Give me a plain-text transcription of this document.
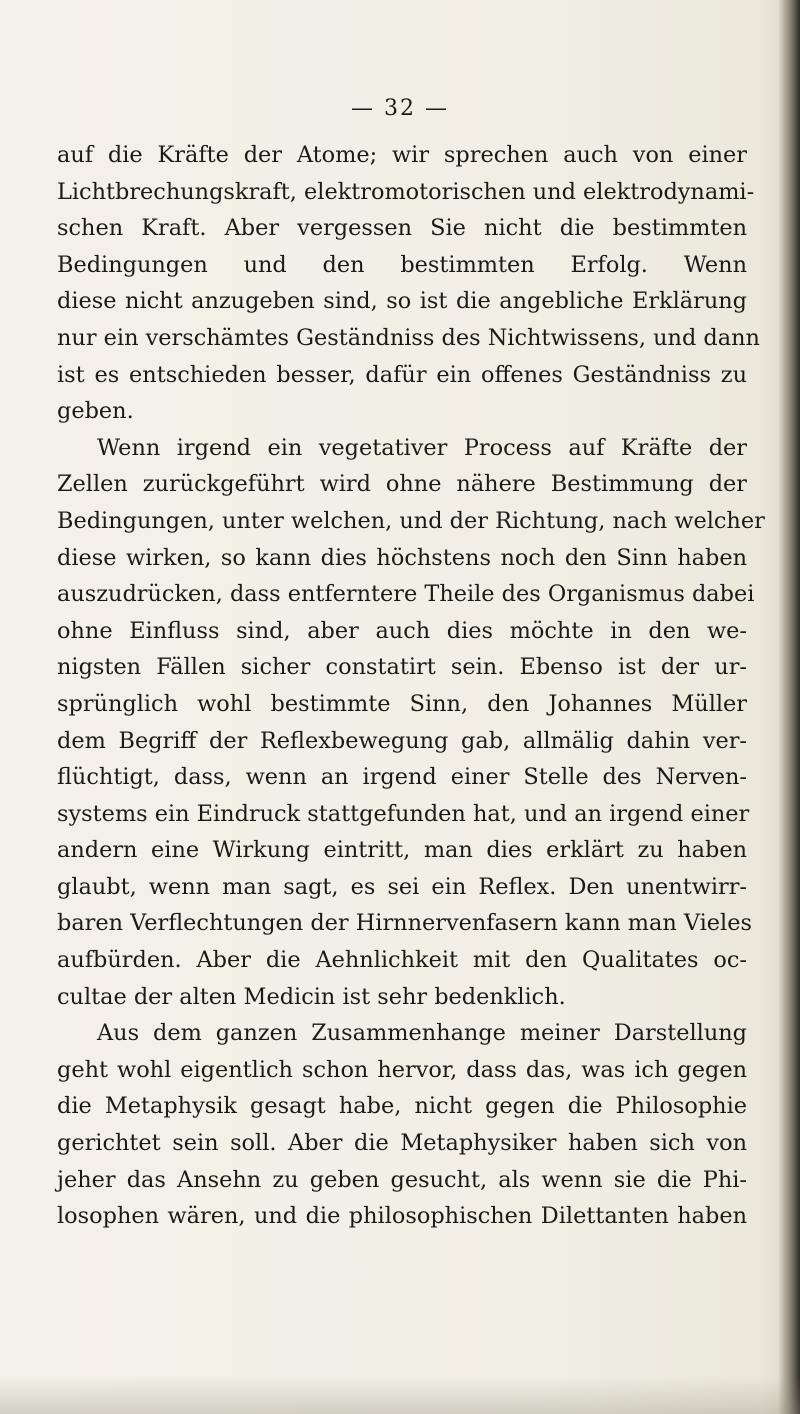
— 32 —
auf die Kräfte der Atome; wir sprechen auch von einer
Lichtbrechungskraft, elektromotorischen und elektrodynami-
schen Kraft. Aber vergessen Sie nicht die bestimmten
Bedingungen und den bestimmten Erfolg. Wenn
diese nicht anzugeben sind, so ist die angebliche Erklärung
nur ein verschämtes Geständniss des Nichtwissens, und dann
ist es entschieden besser, dafür ein offenes Geständniss zu
geben.
Wenn irgend ein vegetativer Process auf Kräfte der
Zellen zurückgeführt wird ohne nähere Bestimmung der
Bedingungen, unter welchen, und der Richtung, nach welcher
diese wirken, so kann dies höchstens noch den Sinn haben
auszudrücken, dass entferntere Theile des Organismus dabei
ohne Einfluss sind, aber auch dies möchte in den we-
nigsten Fällen sicher constatirt sein. Ebenso ist der ur-
sprünglich wohl bestimmte Sinn, den Johannes Müller
dem Begriff der Reflexbewegung gab, allmälig dahin ver-
flüchtigt, dass, wenn an irgend einer Stelle des Nerven-
systems ein Eindruck stattgefunden hat, und an irgend einer
andern eine Wirkung eintritt, man dies erklärt zu haben
glaubt, wenn man sagt, es sei ein Reflex. Den unentwirr-
baren Verflechtungen der Hirnnervenfasern kann man Vieles
aufbürden. Aber die Aehnlichkeit mit den Qualitates oc-
cultae der alten Medicin ist sehr bedenklich.
Aus dem ganzen Zusammenhange meiner Darstellung
geht wohl eigentlich schon hervor, dass das, was ich gegen
die Metaphysik gesagt habe, nicht gegen die Philosophie
gerichtet sein soll. Aber die Metaphysiker haben sich von
jeher das Ansehn zu geben gesucht, als wenn sie die Phi-
losophen wären, und die philosophischen Dilettanten haben
